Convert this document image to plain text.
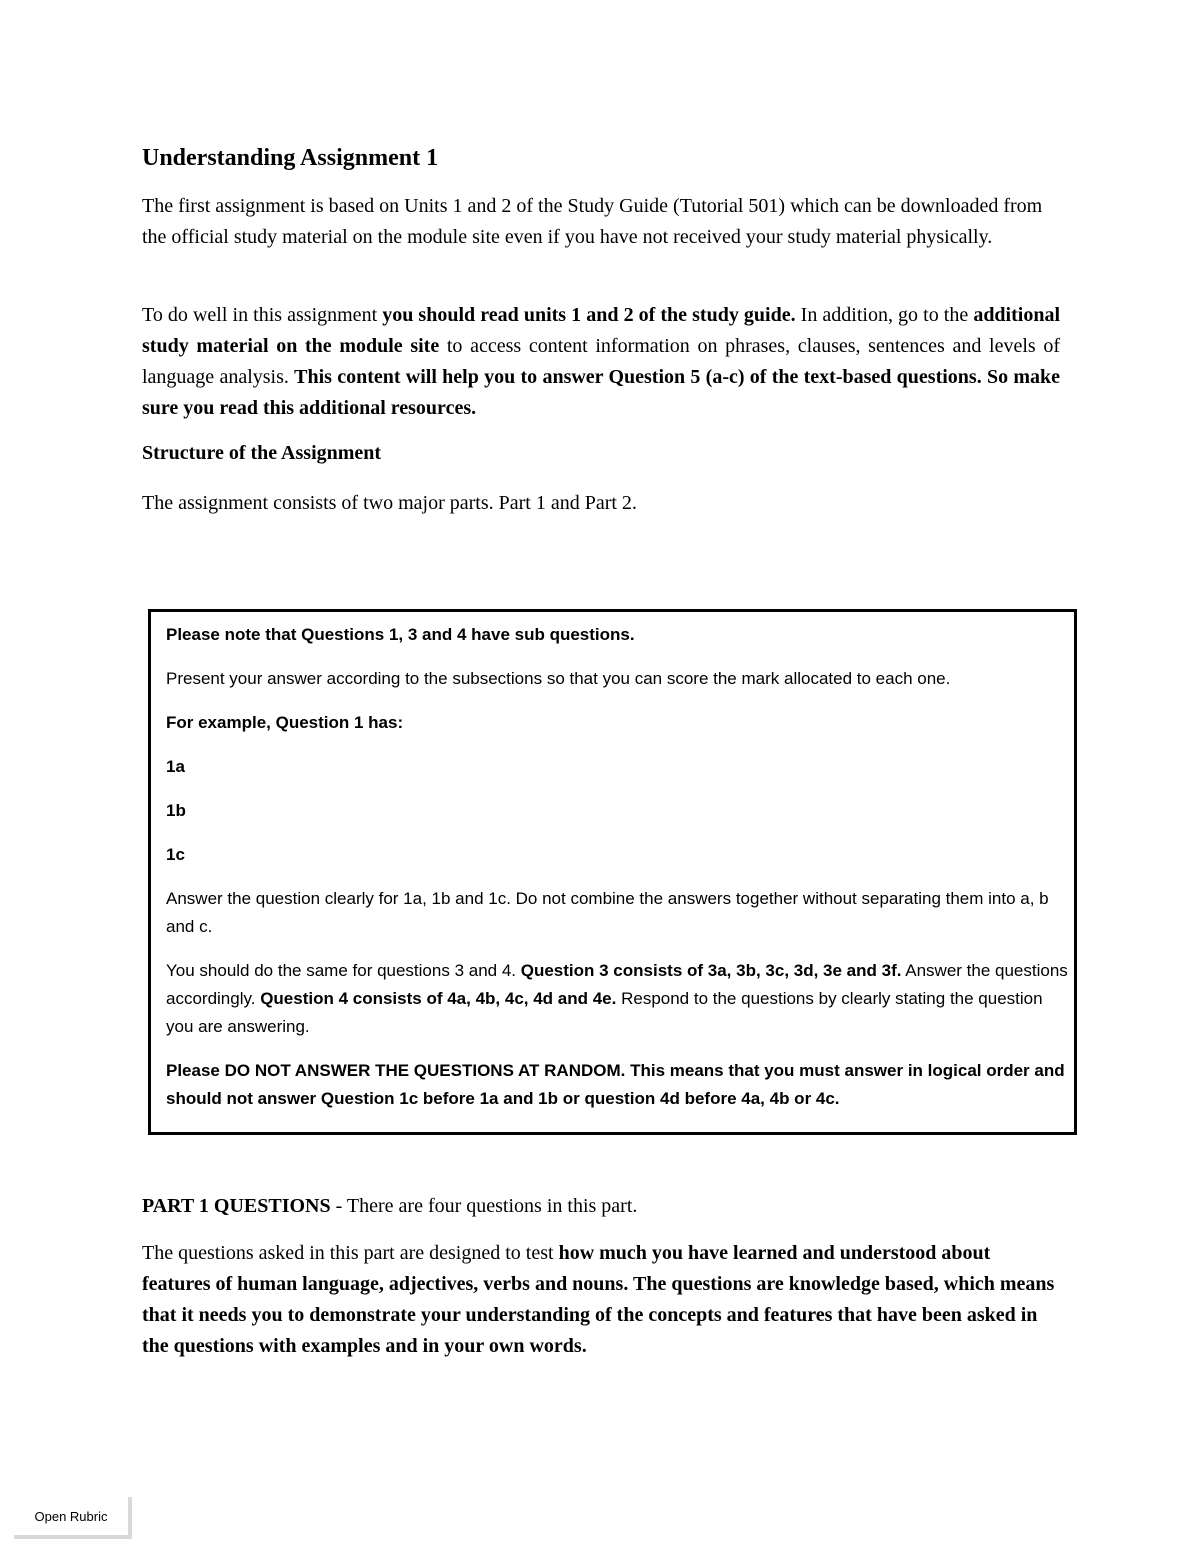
Understanding Assignment 1

The first assignment is based on Units 1 and 2 of the Study Guide (Tutorial 501) which can be downloaded from the official study material on the module site even if you have not received your study material physically.

To do well in this assignment you should read units 1 and 2 of the study guide. In addition, go to the additional study material on the module site to access content information on phrases, clauses, sentences and levels of language analysis. This content will help you to answer Question 5 (a-c) of the text-based questions. So make sure you read this additional resources.

Structure of the Assignment

The assignment consists of two major parts. Part 1 and Part 2.

Please note that Questions 1, 3 and 4 have sub questions.

Present your answer according to the subsections so that you can score the mark allocated to each one.

For example, Question 1 has:

1a

1b

1c

Answer the question clearly for 1a, 1b and 1c. Do not combine the answers together without separating them into a, b and c.

You should do the same for questions 3 and 4. Question 3 consists of 3a, 3b, 3c, 3d, 3e and 3f. Answer the questions accordingly. Question 4 consists of 4a, 4b, 4c, 4d and 4e. Respond to the questions by clearly stating the question you are answering.

Please DO NOT ANSWER THE QUESTIONS AT RANDOM. This means that you must answer in logical order and should not answer Question 1c before 1a and 1b or question 4d before 4a, 4b or 4c.

PART 1 QUESTIONS - There are four questions in this part.

The questions asked in this part are designed to test how much you have learned and understood about features of human language, adjectives, verbs and nouns. The questions are knowledge based, which means that it needs you to demonstrate your understanding of the concepts and features that have been asked in the questions with examples and in your own words.

Open Rubric
